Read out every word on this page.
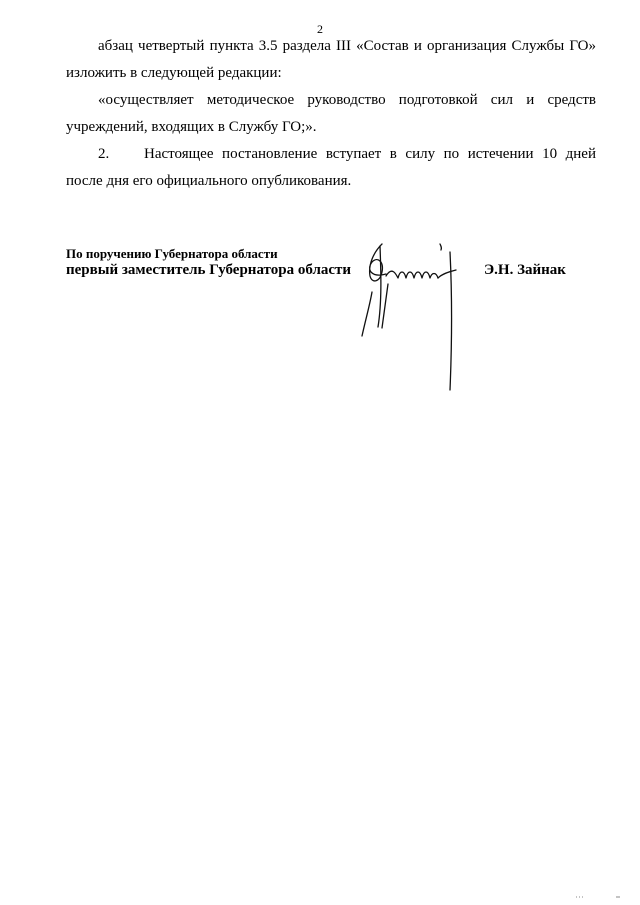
2

абзац четвертый пункта 3.5 раздела III «Состав и организация Службы ГО» изложить в следующей редакции:

«осуществляет методическое руководство подготовкой сил и средств учреждений, входящих в Службу ГО;».

2. Настоящее постановление вступает в силу по истечении 10 дней после дня его официального опубликования.

По поручению Губернатора области
первый заместитель Губернатора области	Э.Н. Зайнак
